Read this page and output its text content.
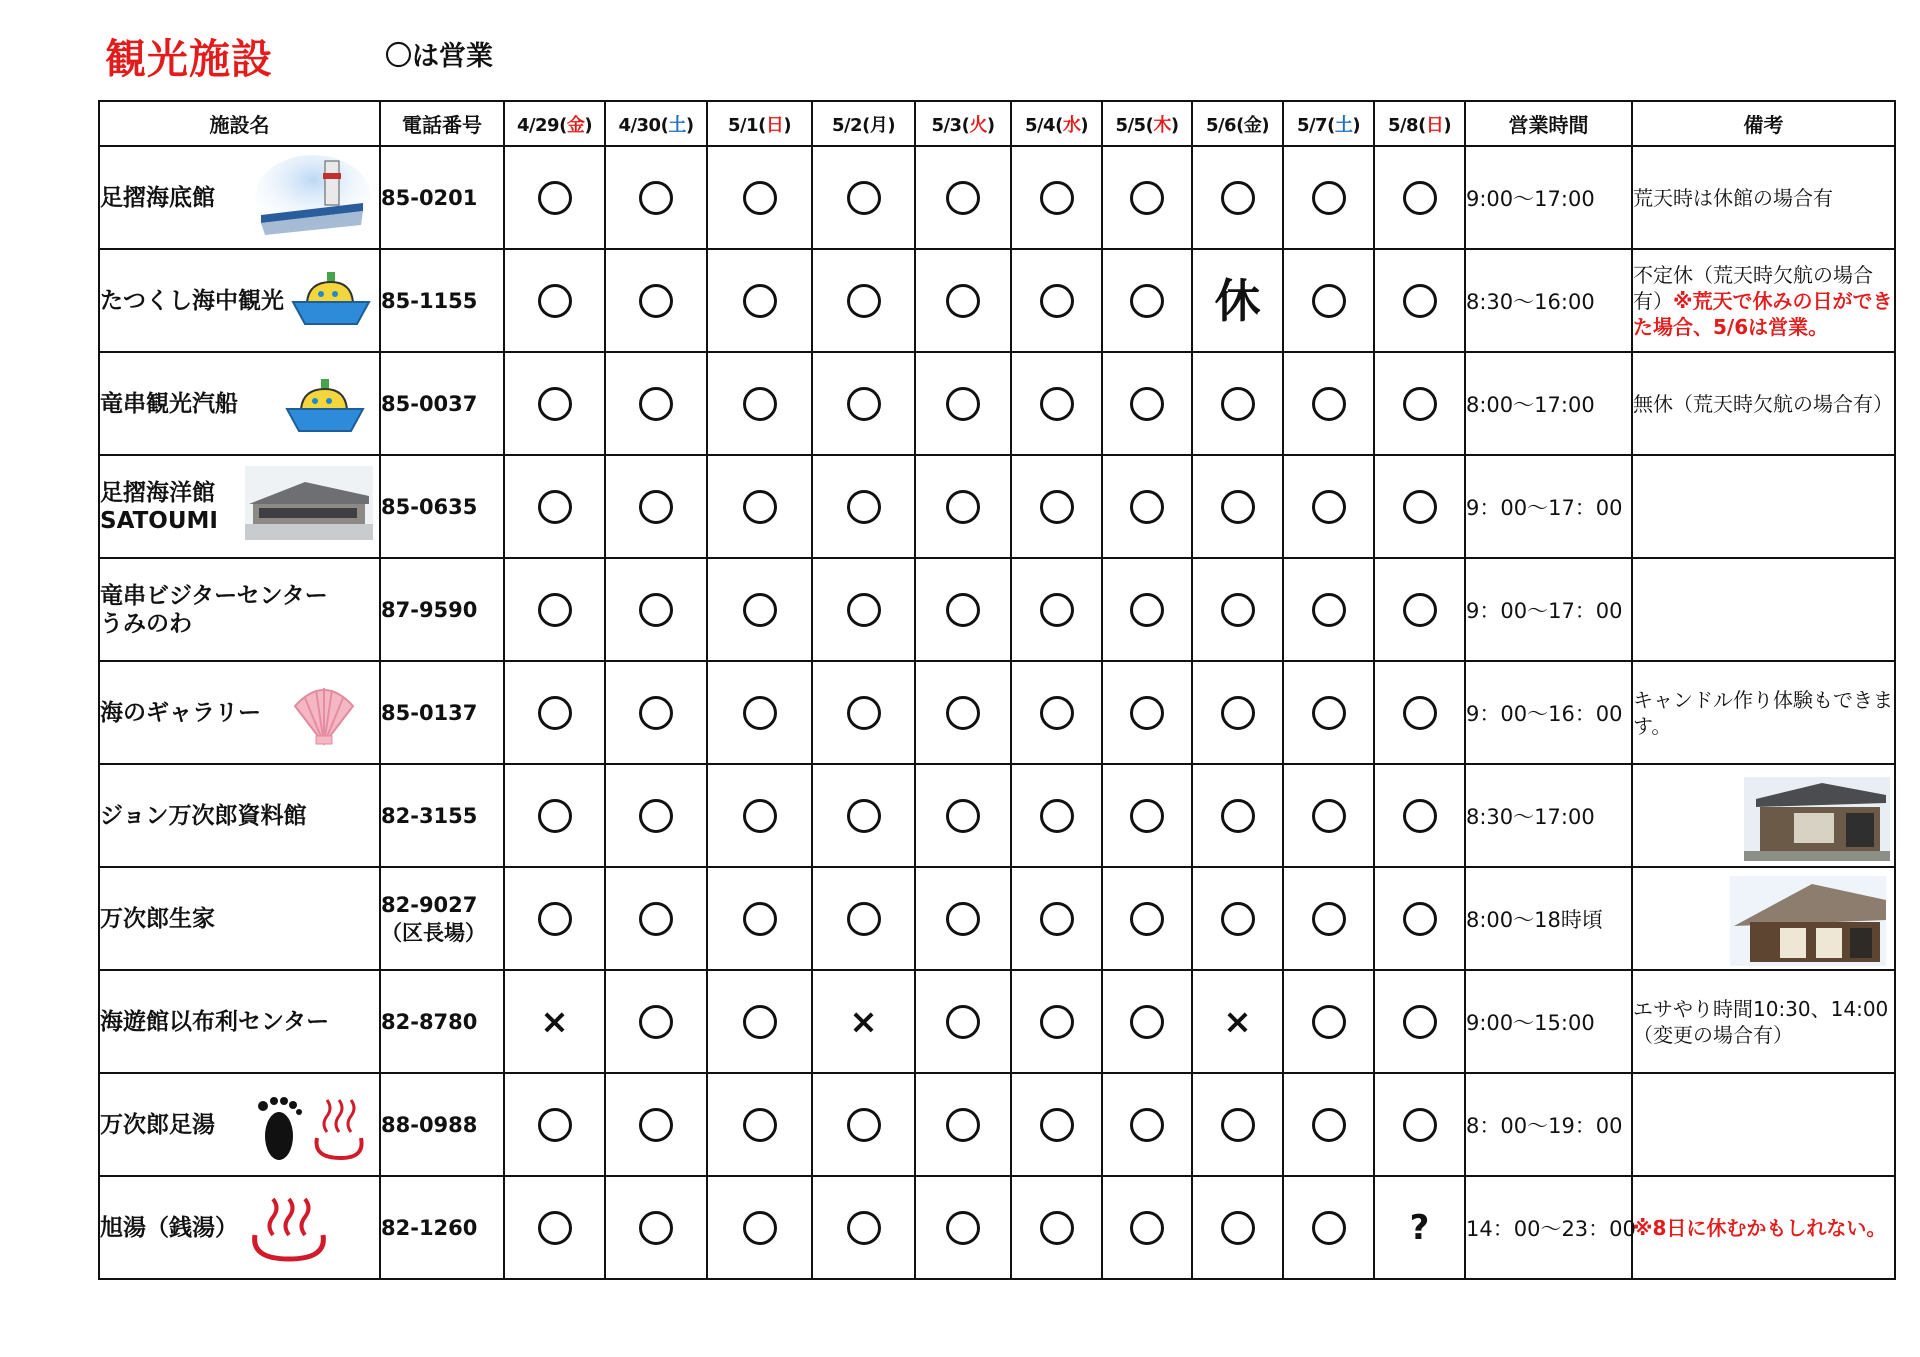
観光施設	〇は営業
施設名	電話番号	4/29(金)	4/30(土)	5/1(日)	5/2(月)	5/3(火)	5/4(水)	5/5(木)	5/6(金)	5/7(土)	5/8(日)	営業時間	備考
足摺海底館	85-0201											9:00～17:00	荒天時は休館の場合有
たつくし海中観光	85-1155								休			8:30～16:00	不定休（荒天時欠航の場合有）※荒天で休みの日ができた場合、5/6は営業。
竜串観光汽船	85-0037											8:00～17:00	無休（荒天時欠航の場合有）
足摺海洋館
SATOUMI	85-0635											9：00～17：00	
竜串ビジターセンター
うみのわ	87-9590											9：00～17：00	
海のギャラリー	85-0137											9：00～16：00	キャンドル作り体験もできます。
ジョン万次郎資料館	82-3155											8:30～17:00	

万次郎生家	82-9027
（区長場）											8:00～18時頃	

海遊館以布利センター	82-8780	×			×				×			9:00～15:00	エサやり時間10:30、14:00
（変更の場合有）
万次郎足湯	88-0988											8：00～19：00	
旭湯（銭湯）	82-1260										?	14：00～23：00	※8日に休むかもしれない。
